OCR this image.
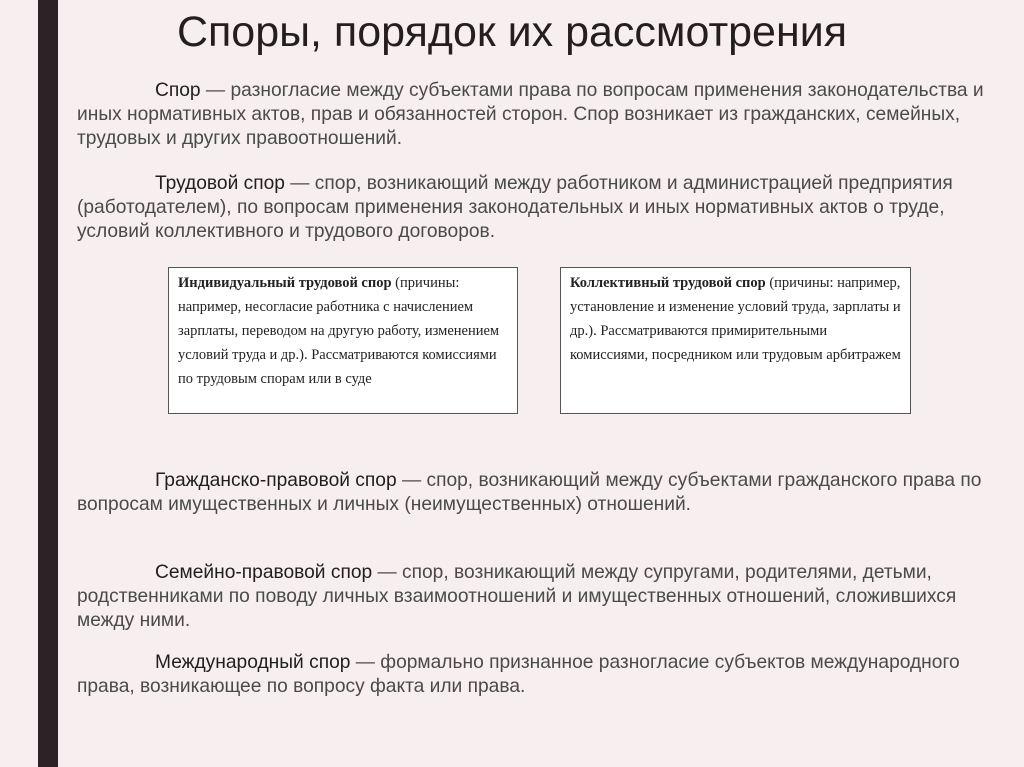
Споры, порядок их рассмотрения

Спор — разногласие между субъектами права по вопросам применения законодательства и иных нормативных актов, прав и обязанностей сторон. Спор возникает из гражданских, семейных, трудовых и других правоотношений.

Трудовой спор — спор, возникающий между работником и администрацией предприятия (работодателем), по вопросам применения законодательных и иных нормативных актов о труде, условий коллективного и трудового договоров.

Индивидуальный трудовой спор (причины: например, несогласие работника с начислением зарплаты, переводом на другую работу, изменением условий труда и др.). Рассматриваются комиссиями по трудовым спорам или в суде
Коллективный трудовой спор (причины: например, установление и изменение условий труда, зарплаты и др.). Рассматриваются примирительными комиссиями, посредником или трудовым арбитражем

Гражданско-правовой спор — спор, возникающий между субъектами гражданского права по вопросам имущественных и личных (неимущественных) отношений.

Семейно-правовой спор — спор, возникающий между супругами, родителями, детьми, родственниками по поводу личных взаимоотношений и имущественных отношений, сложившихся между ними.

Международный спор — формально признанное разногласие субъектов международного права, возникающее по вопросу факта или права.
